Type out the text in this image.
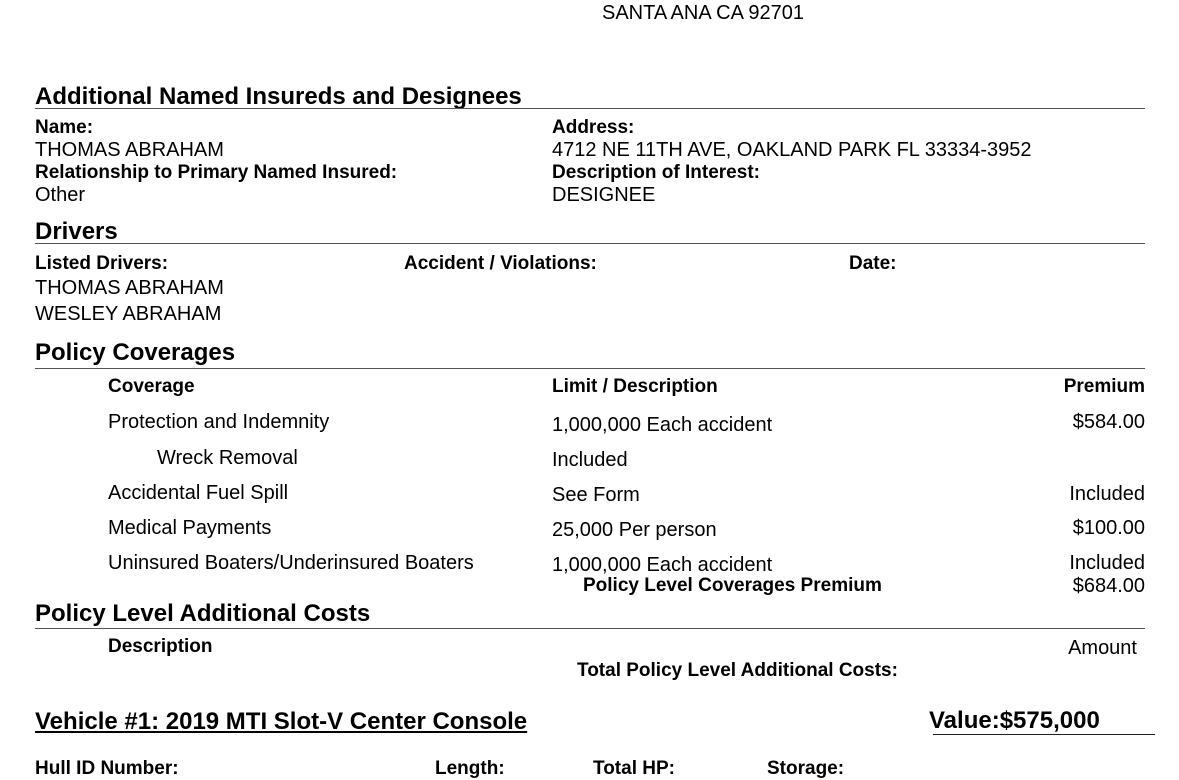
SANTA ANA CA 92701
Additional Named Insureds and Designees
Name:
THOMAS ABRAHAM
Relationship to Primary Named Insured:
Other
Address:
4712 NE 11TH AVE, OAKLAND PARK FL 33334-3952
Description of Interest:
DESIGNEE
Drivers
Listed Drivers:	Accident / Violations:	Date:
THOMAS ABRAHAM
WESLEY ABRAHAM
Policy Coverages
Coverage	Limit / Description	Premium
Protection and Indemnity	1,000,000 Each accident	$584.00
Wreck Removal	Included
Accidental Fuel Spill	See Form	Included
Medical Payments	25,000 Per person	$100.00
Uninsured Boaters/Underinsured Boaters	1,000,000 Each accident	Included
Policy Level Coverages Premium	$684.00
Policy Level Additional Costs
Description	Amount
Total Policy Level Additional Costs:
Vehicle #1: 2019 MTI Slot-V Center Console	Value:$575,000
Hull ID Number:	Length:	Total HP:	Storage:
